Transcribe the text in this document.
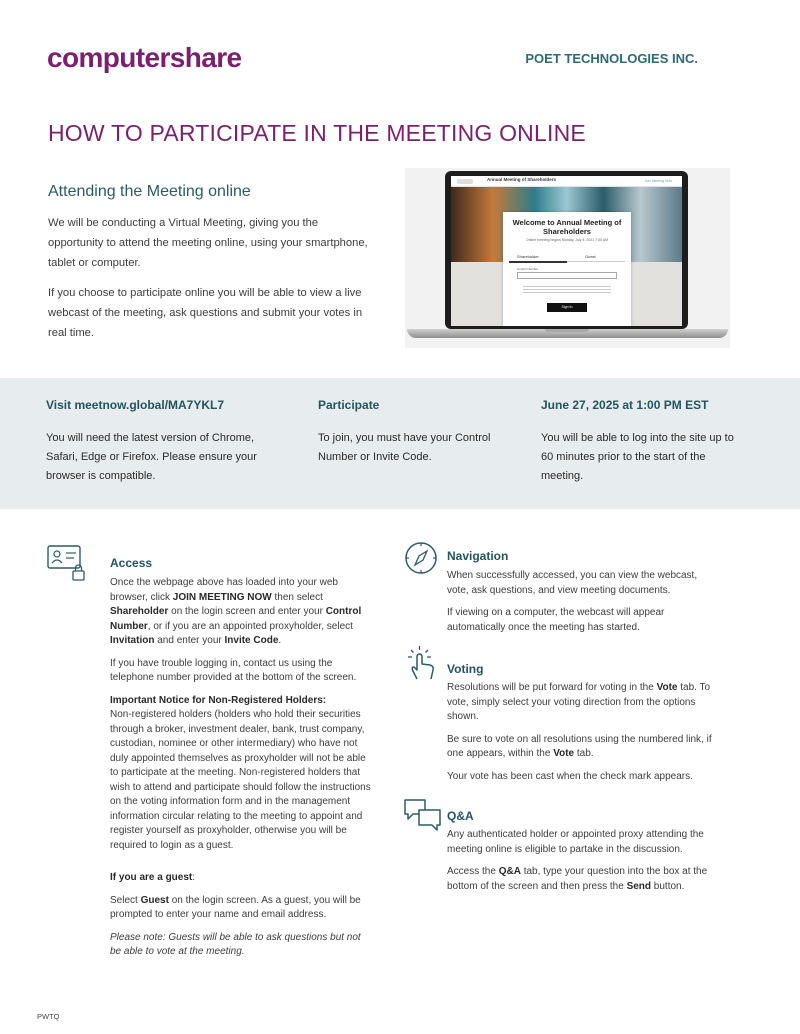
computershare	POET TECHNOLOGIES INC.
HOW TO PARTICIPATE IN THE MEETING ONLINE
Attending the Meeting online

We will be conducting a Virtual Meeting, giving you the opportunity to attend the meeting online, using your smartphone, tablet or computer.

If you choose to participate online you will be able to view a live webcast of the meeting, ask questions and submit your votes in real time.

Annual Meeting of Shareholders	Join Meeting Now
Welcome to Annual Meeting of Shareholders
Online meeting begins Sunday, July 4, 2021 7:00 AM
Shareholder	Guest
Control Number
Sign In
Visit meetnow.global/MA7YKL7
You will need the latest version of Chrome, Safari, Edge or Firefox. Please ensure your browser is compatible.
Participate
To join, you must have your Control Number or Invite Code.
June 27, 2025 at 1:00 PM EST
You will be able to log into the site up to 60 minutes prior to the start of the meeting.
Access

Once the webpage above has loaded into your web browser, click JOIN MEETING NOW then select Shareholder on the login screen and enter your Control Number, or if you are an appointed proxyholder, select Invitation and enter your Invite Code.

If you have trouble logging in, contact us using the telephone number provided at the bottom of the screen.

Important Notice for Non-Registered Holders:
Non-registered holders (holders who hold their securities through a broker, investment dealer, bank, trust company, custodian, nominee or other intermediary) who have not duly appointed themselves as proxyholder will not be able to participate at the meeting. Non-registered holders that wish to attend and participate should follow the instructions on the voting information form and in the management information circular relating to the meeting to appoint and register yourself as proxyholder, otherwise you will be required to login as a guest.

If you are a guest:

Select Guest on the login screen. As a guest, you will be prompted to enter your name and email address.

Please note: Guests will be able to ask questions but not be able to vote at the meeting.

Navigation

When successfully accessed, you can view the webcast, vote, ask questions, and view meeting documents.

If viewing on a computer, the webcast will appear automatically once the meeting has started.

Voting

Resolutions will be put forward for voting in the Vote tab. To vote, simply select your voting direction from the options shown.

Be sure to vote on all resolutions using the numbered link, if one appears, within the Vote tab.

Your vote has been cast when the check mark appears.

Q&A

Any authenticated holder or appointed proxy attending the meeting online is eligible to partake in the discussion.

Access the Q&A tab, type your question into the box at the bottom of the screen and then press the Send button.

PWTQ
